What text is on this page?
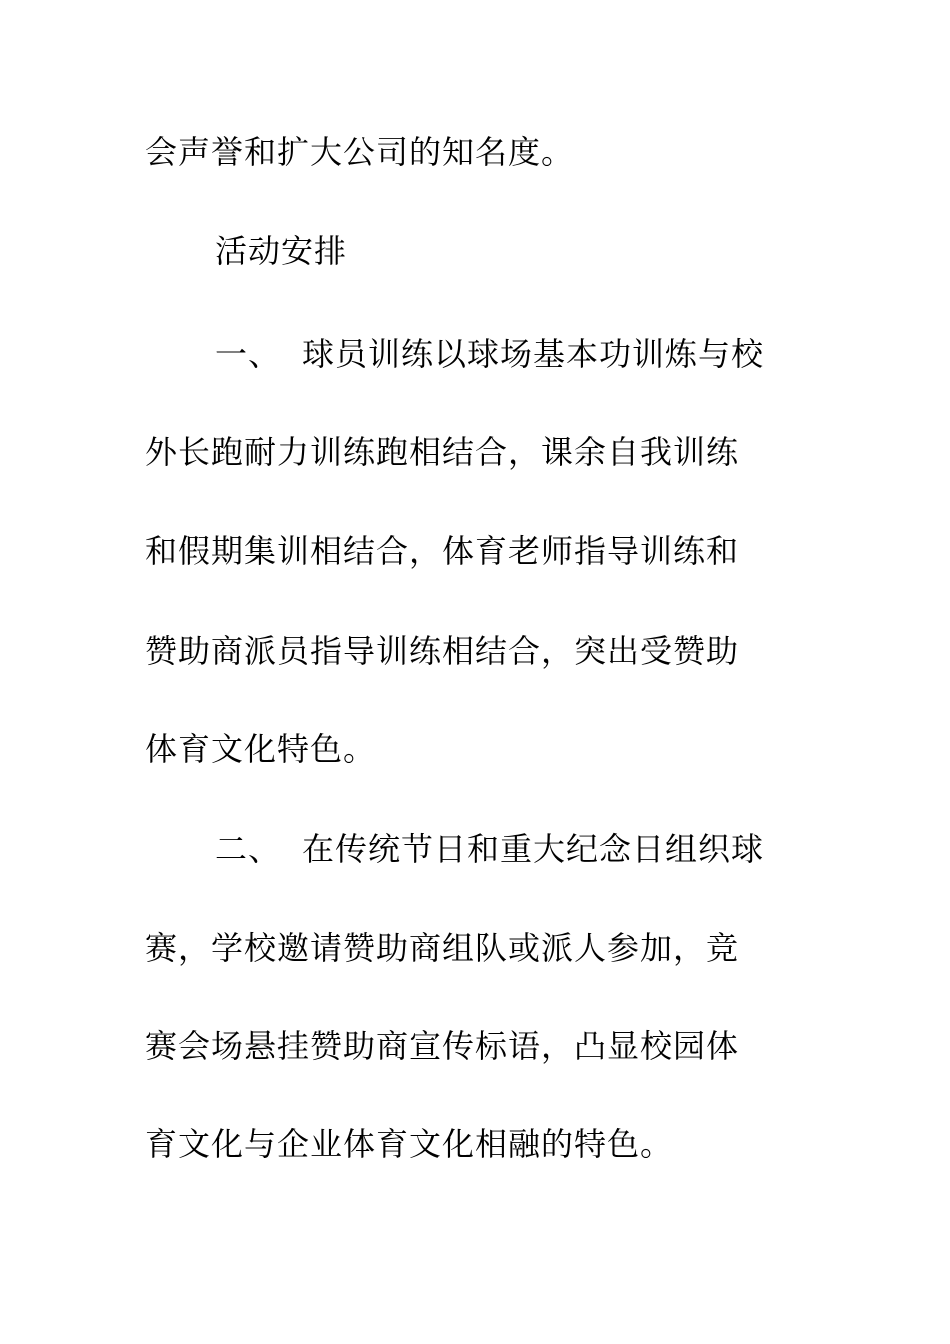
会声誉和扩大公司的知名度。
活动安排
一、 球员训练以球场基本功训炼与校
外长跑耐力训练跑相结合，课余自我训练
和假期集训相结合，体育老师指导训练和
赞助商派员指导训练相结合，突出受赞助
体育文化特色。
二、 在传统节日和重大纪念日组织球
赛，学校邀请赞助商组队或派人参加，竞
赛会场悬挂赞助商宣传标语，凸显校园体
育文化与企业体育文化相融的特色。
